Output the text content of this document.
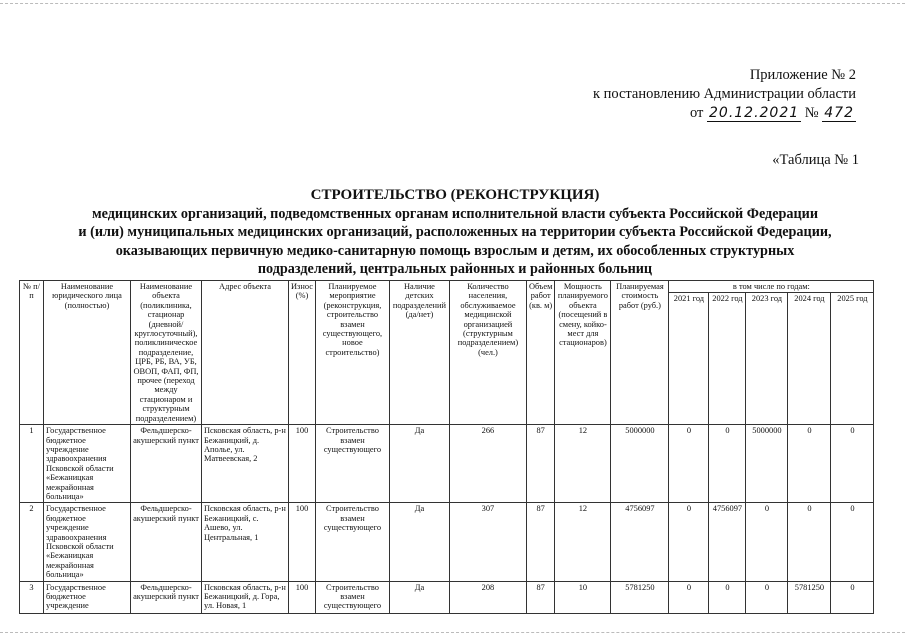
Приложение № 2
к постановлению Администрации области
от 20.12.2021 № 472
«Таблица № 1
СТРОИТЕЛЬСТВО (РЕКОНСТРУКЦИЯ)
медицинских организаций, подведомственных органам исполнительной власти субъекта Российской Федерации
и (или) муниципальных медицинских организаций, расположенных на территории субъекта Российской Федерации,
оказывающих первичную медико-санитарную помощь взрослым и детям, их обособленных структурных
подразделений, центральных районных и районных больниц
№ п/п	Наименование юридического лица (полностью)	Наименование объекта (поликлиника, стационар (дневной/ круглосуточный), поликлиническое подразделение, ЦРБ, РБ, ВА, УБ, ОВОП, ФАП, ФП, прочее (переход между стационаром и структурным подразделением)	Адрес объекта	Износ (%)	Планируемое мероприятие (реконструкция, строительство взамен существующего, новое строительство)	Наличие детских подразделений (да/нет)	Количество населения, обслуживаемое медицинской организацией (структурным подразделением) (чел.)	Объем работ (кв. м)	Мощность планируемого объекта (посещений в смену, койко-мест для стационаров)	Планируемая стоимость работ (руб.)	в том числе по годам:				
											2021 год	2022 год	2023 год	2024 год	2025 год
1	Государственное бюджетное учреждение здравоохранения Псковской области «Бежаницкая межрайонная больница»	Фельдшерско-акушерский пункт	Псковская область, р-н Бежаницкий, д. Аполье, ул. Матвеевская, 2	100	Строительство взамен существующего	Да	266	87	12	5000000	0	0	5000000	0	0
2	Государственное бюджетное учреждение здравоохранения Псковской области «Бежаницкая межрайонная больница»	Фельдшерско-акушерский пункт	Псковская область, р-н Бежаницкий, с. Ашево, ул. Центральная, 1	100	Строительство взамен существующего	Да	307	87	12	4756097	0	4756097	0	0	0
3	Государственное бюджетное учреждение	Фельдшерско-акушерский пункт	Псковская область, р-н Бежаницкий, д. Гора, ул. Новая, 1	100	Строительство взамен существующего	Да	208	87	10	5781250	0	0	0	5781250	0
